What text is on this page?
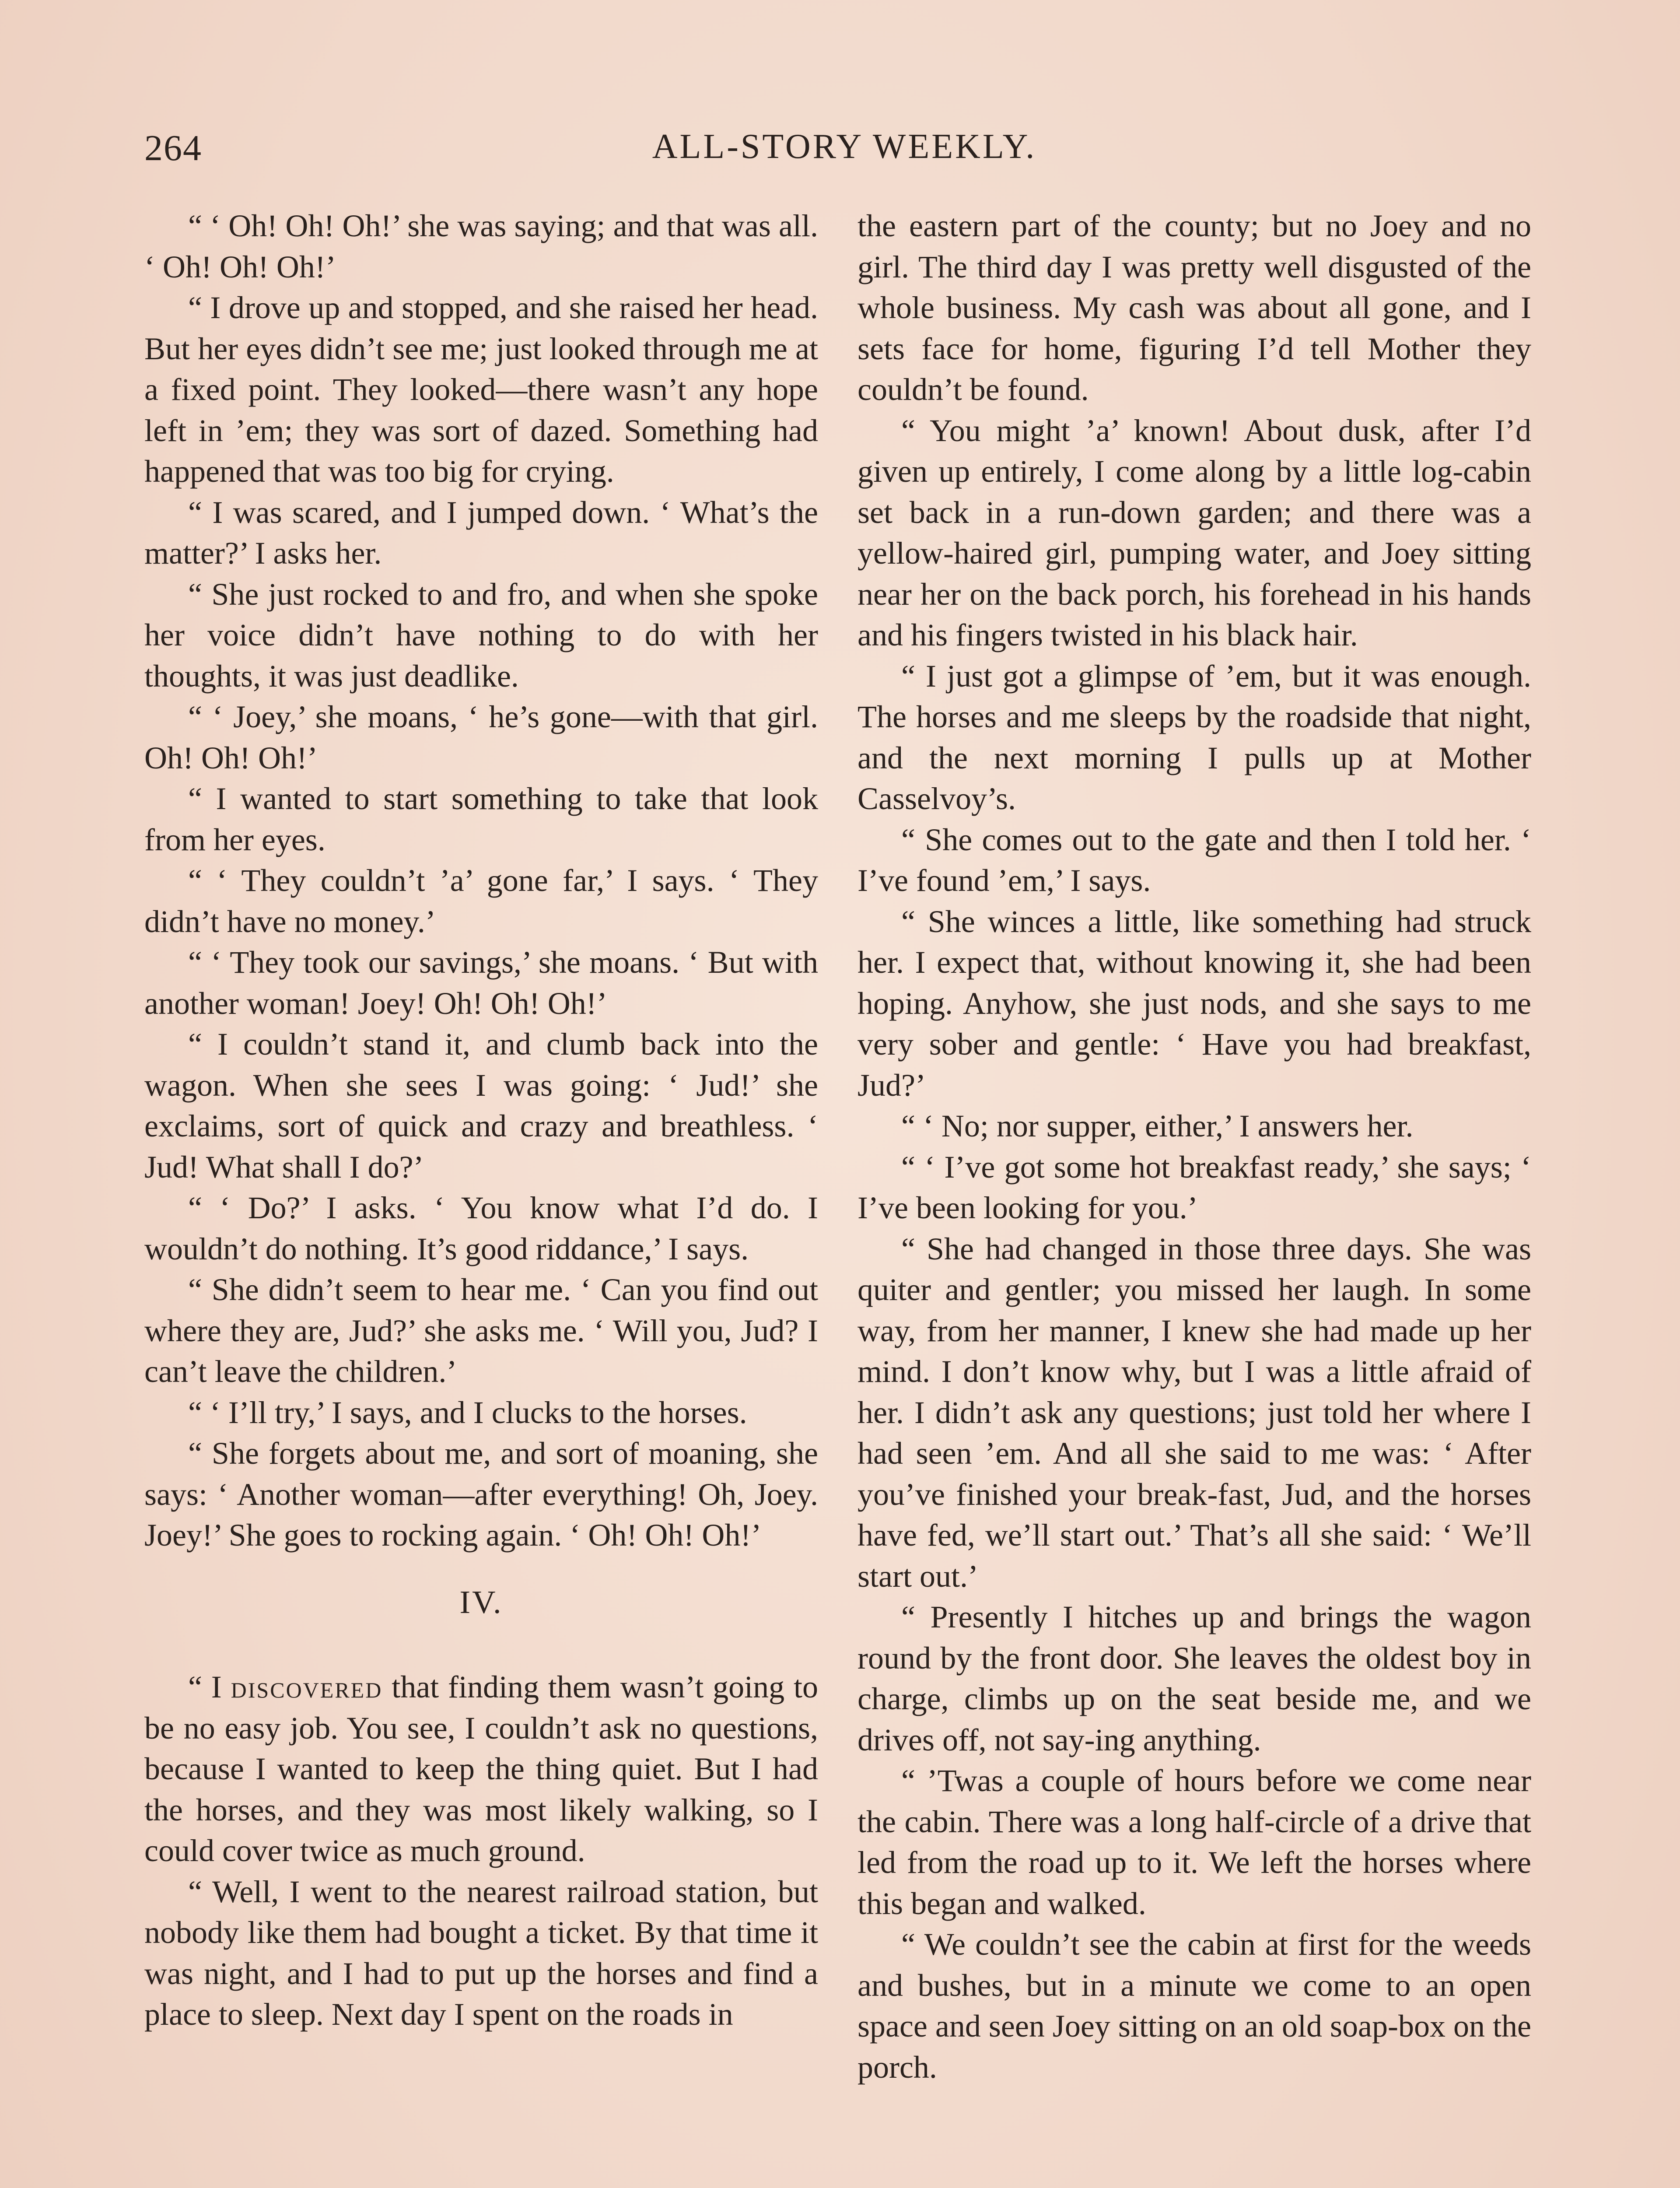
264	ALL-STORY WEEKLY.

“ ‘ Oh! Oh! Oh!’ she was saying; and that was all. ‘ Oh! Oh! Oh!’

“ I drove up and stopped, and she raised her head. But her eyes didn’t see me; just looked through me at a fixed point. They looked—there wasn’t any hope left in ’em; they was sort of dazed. Something had happened that was too big for crying.

“ I was scared, and I jumped down. ‘ What’s the matter?’ I asks her.

“ She just rocked to and fro, and when she spoke her voice didn’t have nothing to do with her thoughts, it was just deadlike.

“ ‘ Joey,’ she moans, ‘ he’s gone—with that girl. Oh! Oh! Oh!’

“ I wanted to start something to take that look from her eyes.

“ ‘ They couldn’t ’a’ gone far,’ I says. ‘ They didn’t have no money.’

“ ‘ They took our savings,’ she moans. ‘ But with another woman! Joey! Oh! Oh! Oh!’

“ I couldn’t stand it, and clumb back into the wagon. When she sees I was going: ‘ Jud!’ she exclaims, sort of quick and crazy and breathless. ‘ Jud! What shall I do?’

“ ‘ Do?’ I asks. ‘ You know what I’d do. I wouldn’t do nothing. It’s good riddance,’ I says.

“ She didn’t seem to hear me. ‘ Can you find out where they are, Jud?’ she asks me. ‘ Will you, Jud? I can’t leave the children.’

“ ‘ I’ll try,’ I says, and I clucks to the horses.

“ She forgets about me, and sort of moaning, she says: ‘ Another woman—after everything! Oh, Joey. Joey!’ She goes to rocking again. ‘ Oh! Oh! Oh!’

IV.

“ I discovered that finding them wasn’t going to be no easy job. You see, I couldn’t ask no questions, because I wanted to keep the thing quiet. But I had the horses, and they was most likely walking, so I could cover twice as much ground.

“ Well, I went to the nearest railroad station, but nobody like them had bought a ticket. By that time it was night, and I had to put up the horses and find a place to sleep. Next day I spent on the roads in

the eastern part of the county; but no Joey and no girl. The third day I was pretty well disgusted of the whole business. My cash was about all gone, and I sets face for home, figuring I’d tell Mother they couldn’t be found.

“ You might ’a’ known! About dusk, after I’d given up entirely, I come along by a little log-cabin set back in a run-down garden; and there was a yellow-haired girl, pumping water, and Joey sitting near her on the back porch, his forehead in his hands and his fingers twisted in his black hair.

“ I just got a glimpse of ’em, but it was enough. The horses and me sleeps by the roadside that night, and the next morning I pulls up at Mother Casselvoy’s.

“ She comes out to the gate and then I told her. ‘ I’ve found ’em,’ I says.

“ She winces a little, like something had struck her. I expect that, without knowing it, she had been hoping. Anyhow, she just nods, and she says to me very sober and gentle: ‘ Have you had breakfast, Jud?’

“ ‘ No; nor supper, either,’ I answers her.

“ ‘ I’ve got some hot breakfast ready,’ she says; ‘ I’ve been looking for you.’

“ She had changed in those three days. She was quiter and gentler; you missed her laugh. In some way, from her manner, I knew she had made up her mind. I don’t know why, but I was a little afraid of her. I didn’t ask any questions; just told her where I had seen ’em. And all she said to me was: ‘ After you’ve finished your break-fast, Jud, and the horses have fed, we’ll start out.’ That’s all she said: ‘ We’ll start out.’

“ Presently I hitches up and brings the wagon round by the front door. She leaves the oldest boy in charge, climbs up on the seat beside me, and we drives off, not say-ing anything.

“ ’Twas a couple of hours before we come near the cabin. There was a long half-circle of a drive that led from the road up to it. We left the horses where this began and walked.

“ We couldn’t see the cabin at first for the weeds and bushes, but in a minute we come to an open space and seen Joey sitting on an old soap-box on the porch.
